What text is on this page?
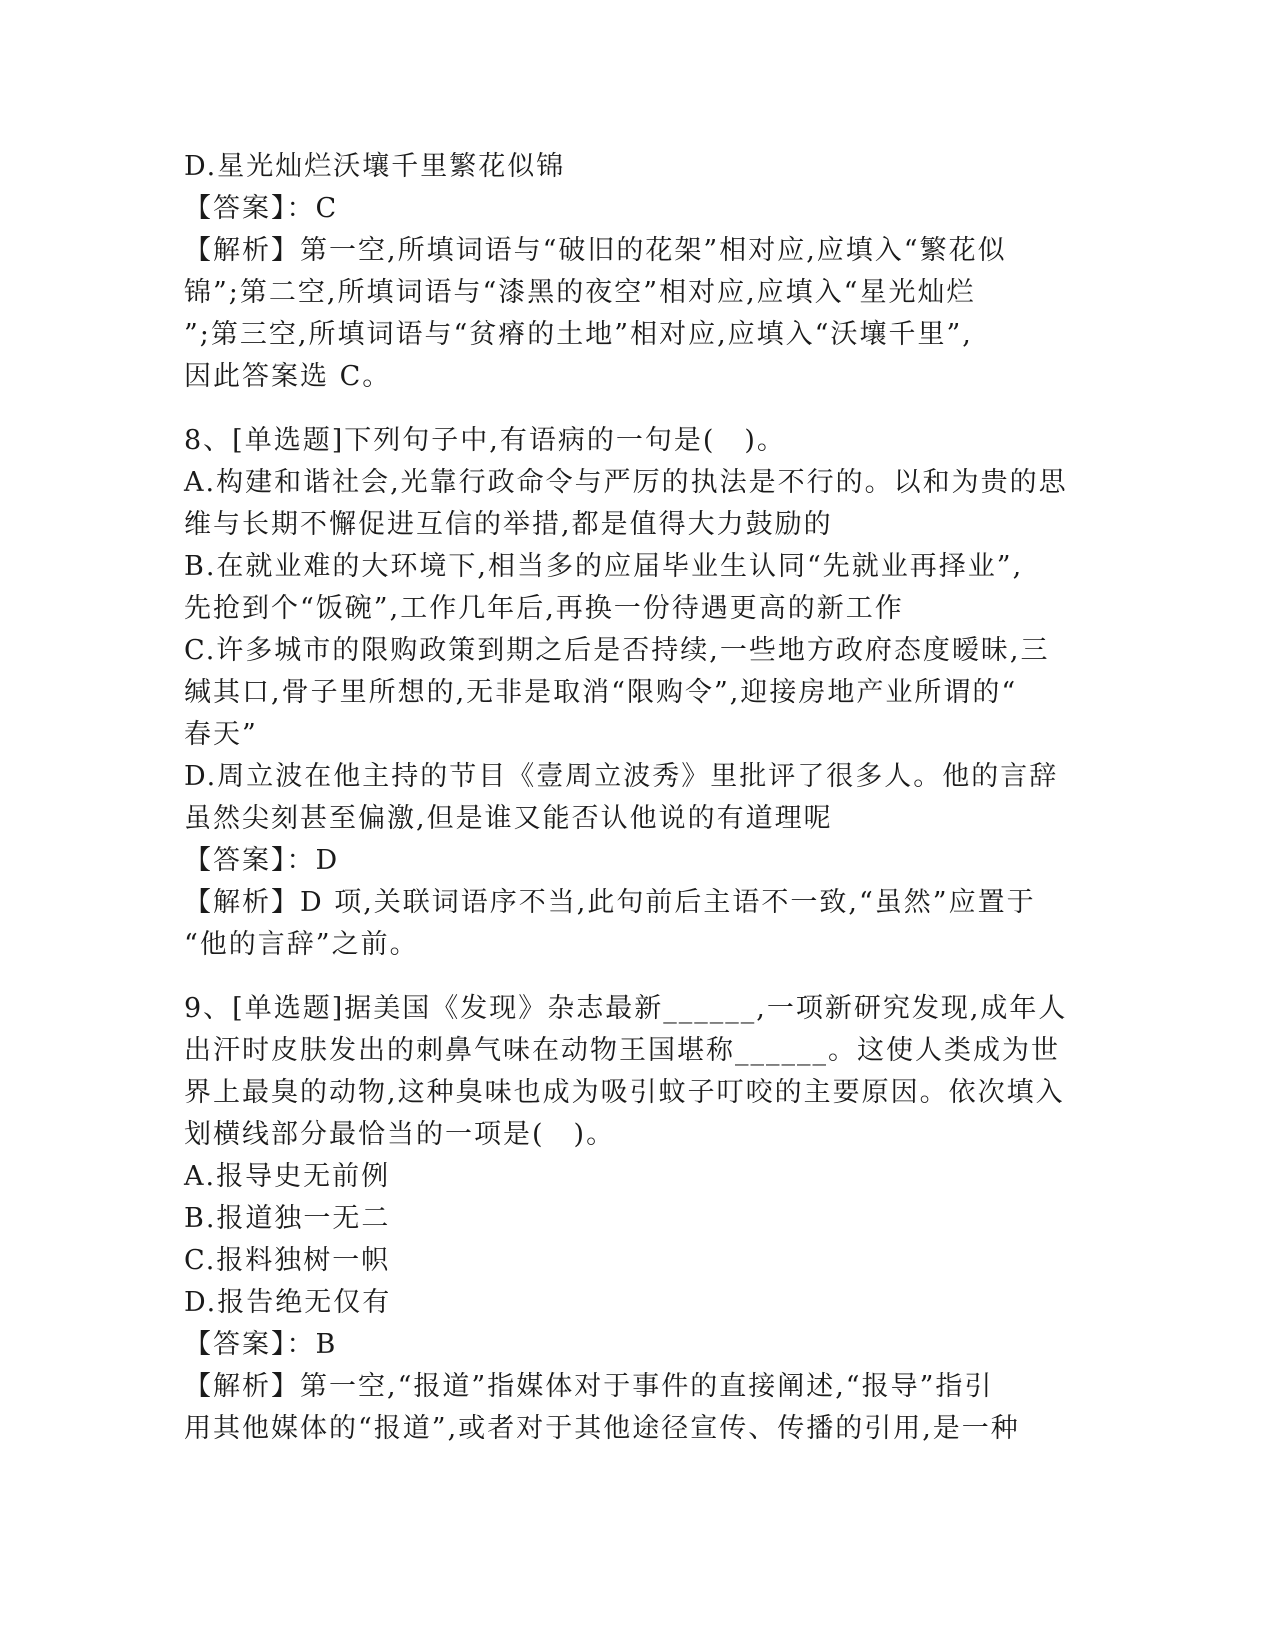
D.星光灿烂沃壤千里繁花似锦
【答案】：C
【解析】第一空,所填词语与“破旧的花架”相对应,应填入“繁花似
锦”;第二空,所填词语与“漆黑的夜空”相对应,应填入“星光灿烂
”;第三空,所填词语与“贫瘠的土地”相对应,应填入“沃壤千里”,
因此答案选 C。
8、[单选题]下列句子中,有语病的一句是(　)。
A.构建和谐社会,光靠行政命令与严厉的执法是不行的。以和为贵的思
维与长期不懈促进互信的举措,都是值得大力鼓励的
B.在就业难的大环境下,相当多的应届毕业生认同“先就业再择业”,
先抢到个“饭碗”,工作几年后,再换一份待遇更高的新工作
C.许多城市的限购政策到期之后是否持续,一些地方政府态度暧昧,三
缄其口,骨子里所想的,无非是取消“限购令”,迎接房地产业所谓的“
春天”
D.周立波在他主持的节目《壹周立波秀》里批评了很多人。他的言辞
虽然尖刻甚至偏激,但是谁又能否认他说的有道理呢
【答案】：D
【解析】D 项,关联词语序不当,此句前后主语不一致,“虽然”应置于
“他的言辞”之前。
9、[单选题]据美国《发现》杂志最新______,一项新研究发现,成年人
出汗时皮肤发出的刺鼻气味在动物王国堪称______。这使人类成为世
界上最臭的动物,这种臭味也成为吸引蚊子叮咬的主要原因。依次填入
划横线部分最恰当的一项是(　)。
A.报导史无前例
B.报道独一无二
C.报料独树一帜
D.报告绝无仅有
【答案】：B
【解析】第一空,“报道”指媒体对于事件的直接阐述,“报导”指引
用其他媒体的“报道”,或者对于其他途径宣传、传播的引用,是一种
